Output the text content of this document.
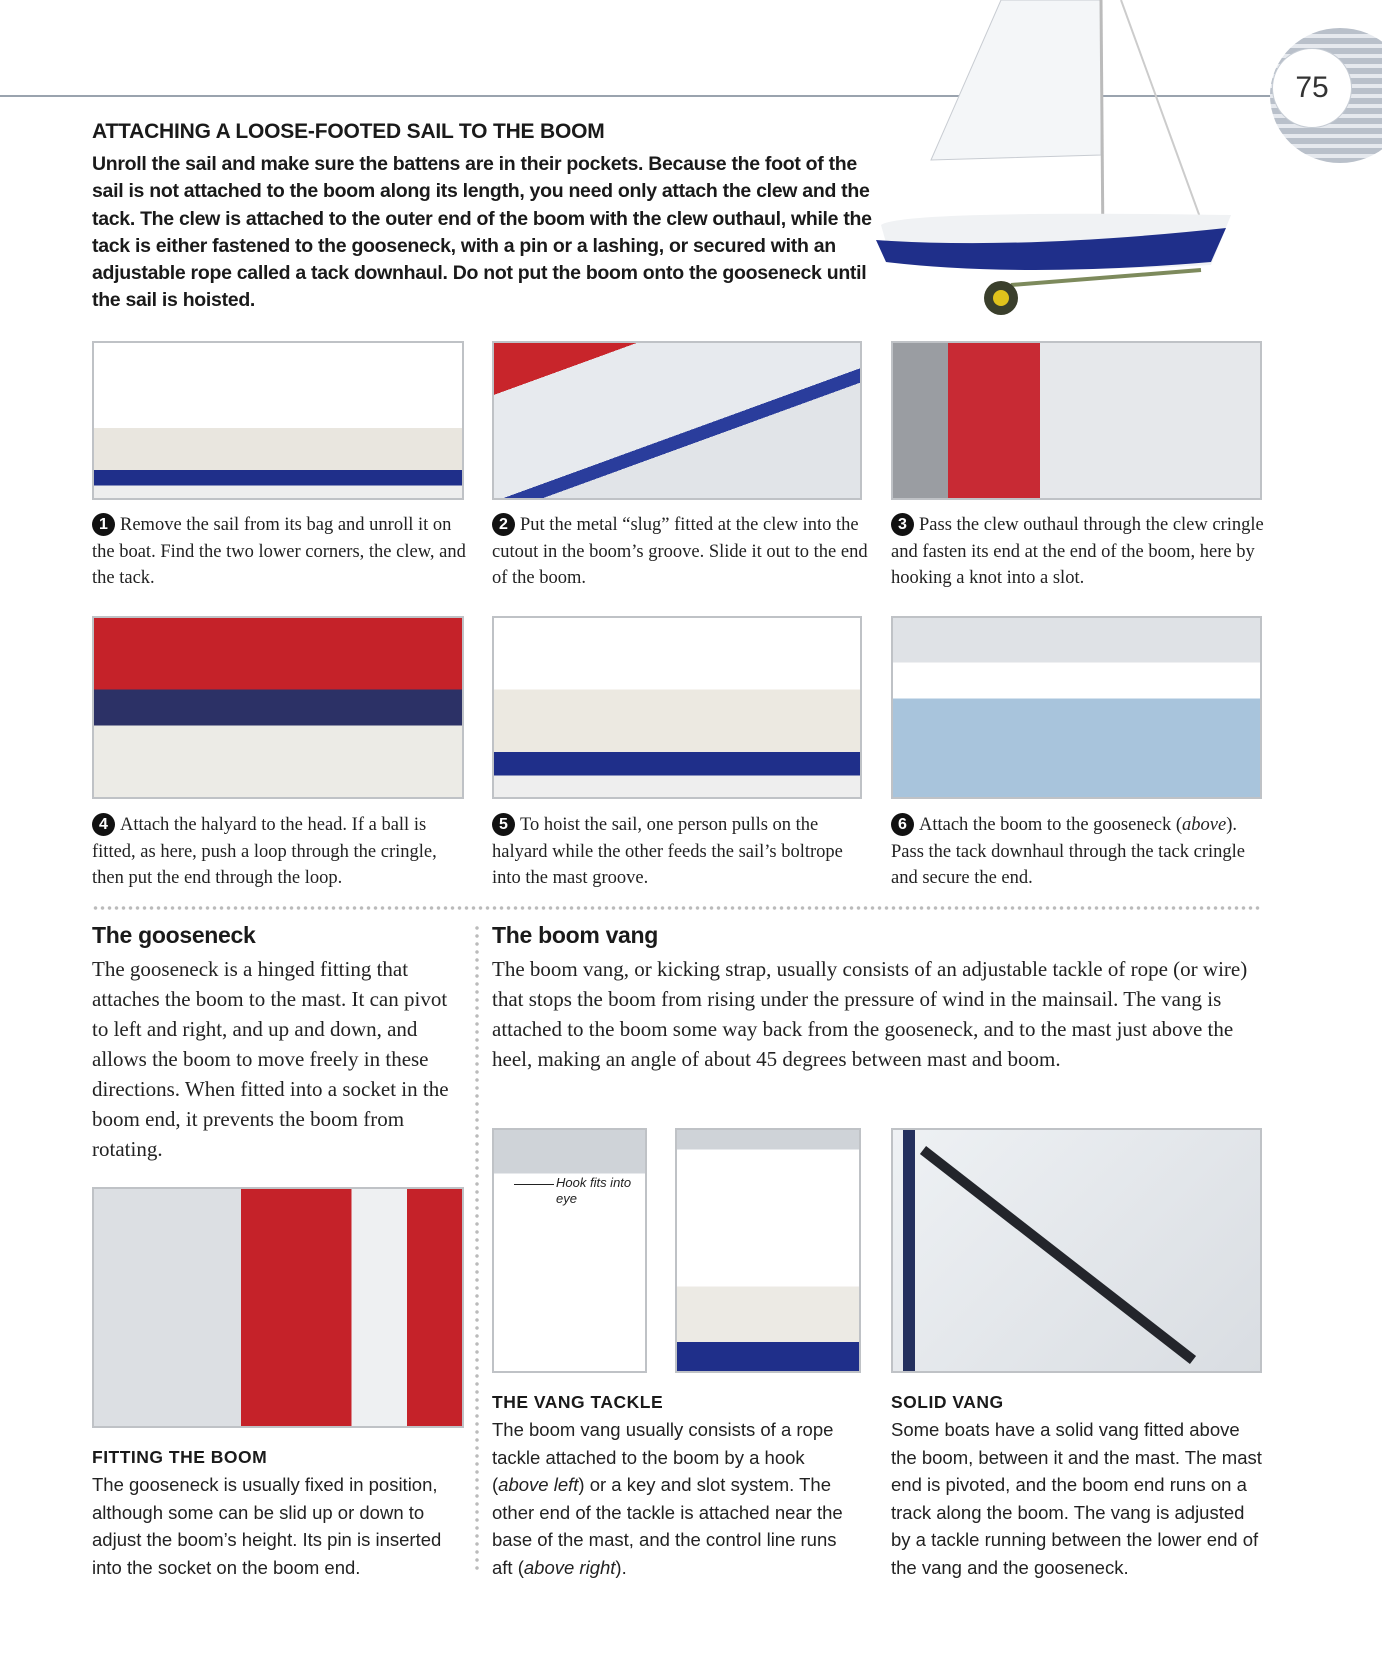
75
ATTACHING A LOOSE-FOOTED SAIL TO THE BOOM
Unroll the sail and make sure the battens are in their pockets. Because the foot of the sail is not attached to the boom along its length, you need only attach the clew and the tack. The clew is attached to the outer end of the boom with the clew outhaul, while the tack is either fastened to the gooseneck, with a pin or a lashing, or secured with an adjustable rope called a tack downhaul. Do not put the boom onto the gooseneck until the sail is hoisted.
1 Remove the sail from its bag and unroll it on the boat. Find the two lower corners, the clew, and the tack.
2 Put the metal “slug” fitted at the clew into the cutout in the boom’s groove. Slide it out to the end of the boom.
3 Pass the clew outhaul through the clew cringle and fasten its end at the end of the boom, here by hooking a knot into a slot.
4 Attach the halyard to the head. If a ball is fitted, as here, push a loop through the cringle, then put the end through the loop.
5 To hoist the sail, one person pulls on the halyard while the other feeds the sail’s boltrope into the mast groove.
6 Attach the boom to the gooseneck (above). Pass the tack downhaul through the tack cringle and secure the end.
The gooseneck
The gooseneck is a hinged fitting that attaches the boom to the mast. It can pivot to left and right, and up and down, and allows the boom to move freely in these directions. When fitted into a socket in the boom end, it prevents the boom from rotating.
The boom vang
The boom vang, or kicking strap, usually consists of an adjustable tackle of rope (or wire) that stops the boom from rising under the pressure of wind in the mainsail. The vang is attached to the boom some way back from the gooseneck, and to the mast just above the heel, making an angle of about 45 degrees between mast and boom.
Hook fits into eye
FITTING THE BOOM
The gooseneck is usually fixed in position, although some can be slid up or down to adjust the boom’s height. Its pin is inserted into the socket on the boom end.
THE VANG TACKLE
The boom vang usually consists of a rope tackle attached to the boom by a hook (above left) or a key and slot system. The other end of the tackle is attached near the base of the mast, and the control line runs aft (above right).
SOLID VANG
Some boats have a solid vang fitted above the boom, between it and the mast. The mast end is pivoted, and the boom end runs on a track along the boom. The vang is adjusted by a tackle running between the lower end of the vang and the gooseneck.
